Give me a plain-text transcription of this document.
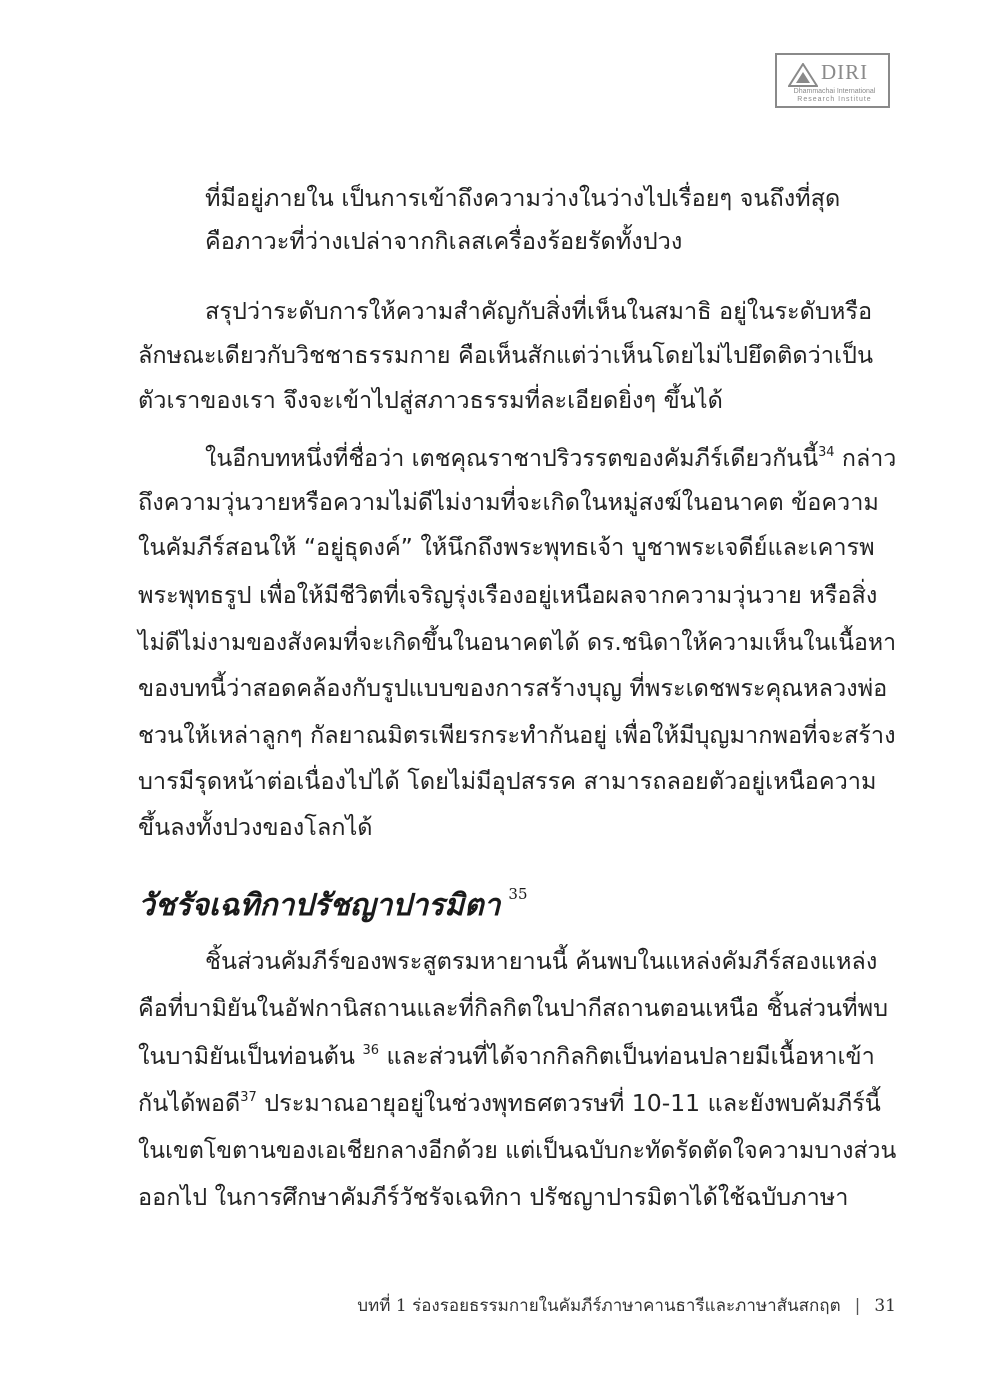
DIRI
Dhammachai International
Research Institute
ที่มีอยู่ภายใน เป็นการเข้าถึงความว่างในว่างไปเรื่อยๆ จนถึงที่สุด
คือภาวะที่ว่างเปล่าจากกิเลสเครื่องร้อยรัดทั้งปวง
สรุปว่าระดับการให้ความสำคัญกับสิ่งที่เห็นในสมาธิ อยู่ในระดับหรือ
ลักษณะเดียวกับวิชชาธรรมกาย คือเห็นสักแต่ว่าเห็นโดยไม่ไปยึดติดว่าเป็น
ตัวเราของเรา จึงจะเข้าไปสู่สภาวธรรมที่ละเอียดยิ่งๆ ขึ้นได้
ในอีกบทหนึ่งที่ชื่อว่า เตชคุณราชาปริวรรตของคัมภีร์เดียวกันนี้$^{34}$ กล่าว
ถึงความวุ่นวายหรือความไม่ดีไม่งามที่จะเกิดในหมู่สงฆ์ในอนาคต ข้อความ
ในคัมภีร์สอนให้ “อยู่ธุดงค์” ให้นึกถึงพระพุทธเจ้า บูชาพระเจดีย์และเคารพ
พระพุทธรูป เพื่อให้มีชีวิตที่เจริญรุ่งเรืองอยู่เหนือผลจากความวุ่นวาย หรือสิ่ง
ไม่ดีไม่งามของสังคมที่จะเกิดขึ้นในอนาคตได้ ดร.ชนิดาให้ความเห็นในเนื้อหา
ของบทนี้ว่าสอดคล้องกับรูปแบบของการสร้างบุญ ที่พระเดชพระคุณหลวงพ่อ
ชวนให้เหล่าลูกๆ กัลยาณมิตรเพียรกระทำกันอยู่ เพื่อให้มีบุญมากพอที่จะสร้าง
บารมีรุดหน้าต่อเนื่องไปได้ โดยไม่มีอุปสรรค สามารถลอยตัวอยู่เหนือความ
ขึ้นลงทั้งปวงของโลกได้
วัชรัจเฉทิกาปรัชญาปารมิตา $^{35}$
ชิ้นส่วนคัมภีร์ของพระสูตรมหายานนี้ ค้นพบในแหล่งคัมภีร์สองแหล่ง
คือที่บามิยันในอัฟกานิสถานและที่กิลกิตในปากีสถานตอนเหนือ ชิ้นส่วนที่พบ
ในบามิยันเป็นท่อนต้น $^{36}$ และส่วนที่ได้จากกิลกิตเป็นท่อนปลายมีเนื้อหาเข้า
กันได้พอดี$^{37}$ ประมาณอายุอยู่ในช่วงพุทธศตวรษที่ 10-11 และยังพบคัมภีร์นี้
ในเขตโขตานของเอเชียกลางอีกด้วย แต่เป็นฉบับกะทัดรัดตัดใจความบางส่วน
ออกไป ในการศึกษาคัมภีร์วัชรัจเฉทิกา ปรัชญาปารมิตาได้ใช้ฉบับภาษา
บทที่ 1 ร่องรอยธรรมกายในคัมภีร์ภาษาคานธารีและภาษาสันสกฤต | 31
